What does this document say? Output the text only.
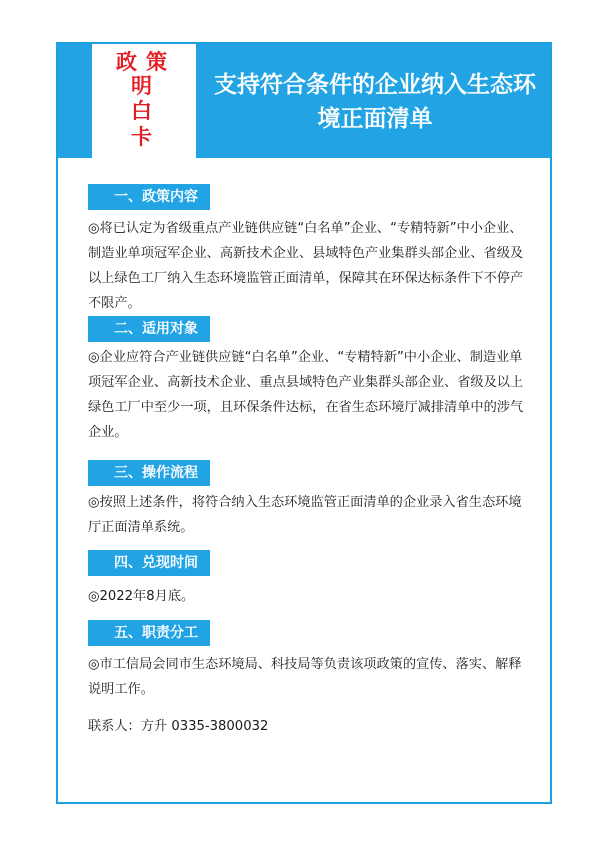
政 策
明
白
卡
支持符合条件的企业纳入生态环境正面清单
一、政策内容
◎将已认定为省级重点产业链供应链“白名单”企业、“专精特新”中小企业、制造业单项冠军企业、高新技术企业、县域特色产业集群头部企业、省级及以上绿色工厂纳入生态环境监管正面清单，保障其在环保达标条件下不停产不限产。
二、适用对象
◎企业应符合产业链供应链“白名单”企业、“专精特新”中小企业、制造业单项冠军企业、高新技术企业、重点县域特色产业集群头部企业、省级及以上绿色工厂中至少一项，且环保条件达标，在省生态环境厅减排清单中的涉气企业。
三、操作流程
◎按照上述条件，将符合纳入生态环境监管正面清单的企业录入省生态环境厅正面清单系统。
四、兑现时间
◎2022年8月底。
五、职责分工
◎市工信局会同市生态环境局、科技局等负责该项政策的宣传、落实、解释说明工作。
联系人：方升 0335-3800032
